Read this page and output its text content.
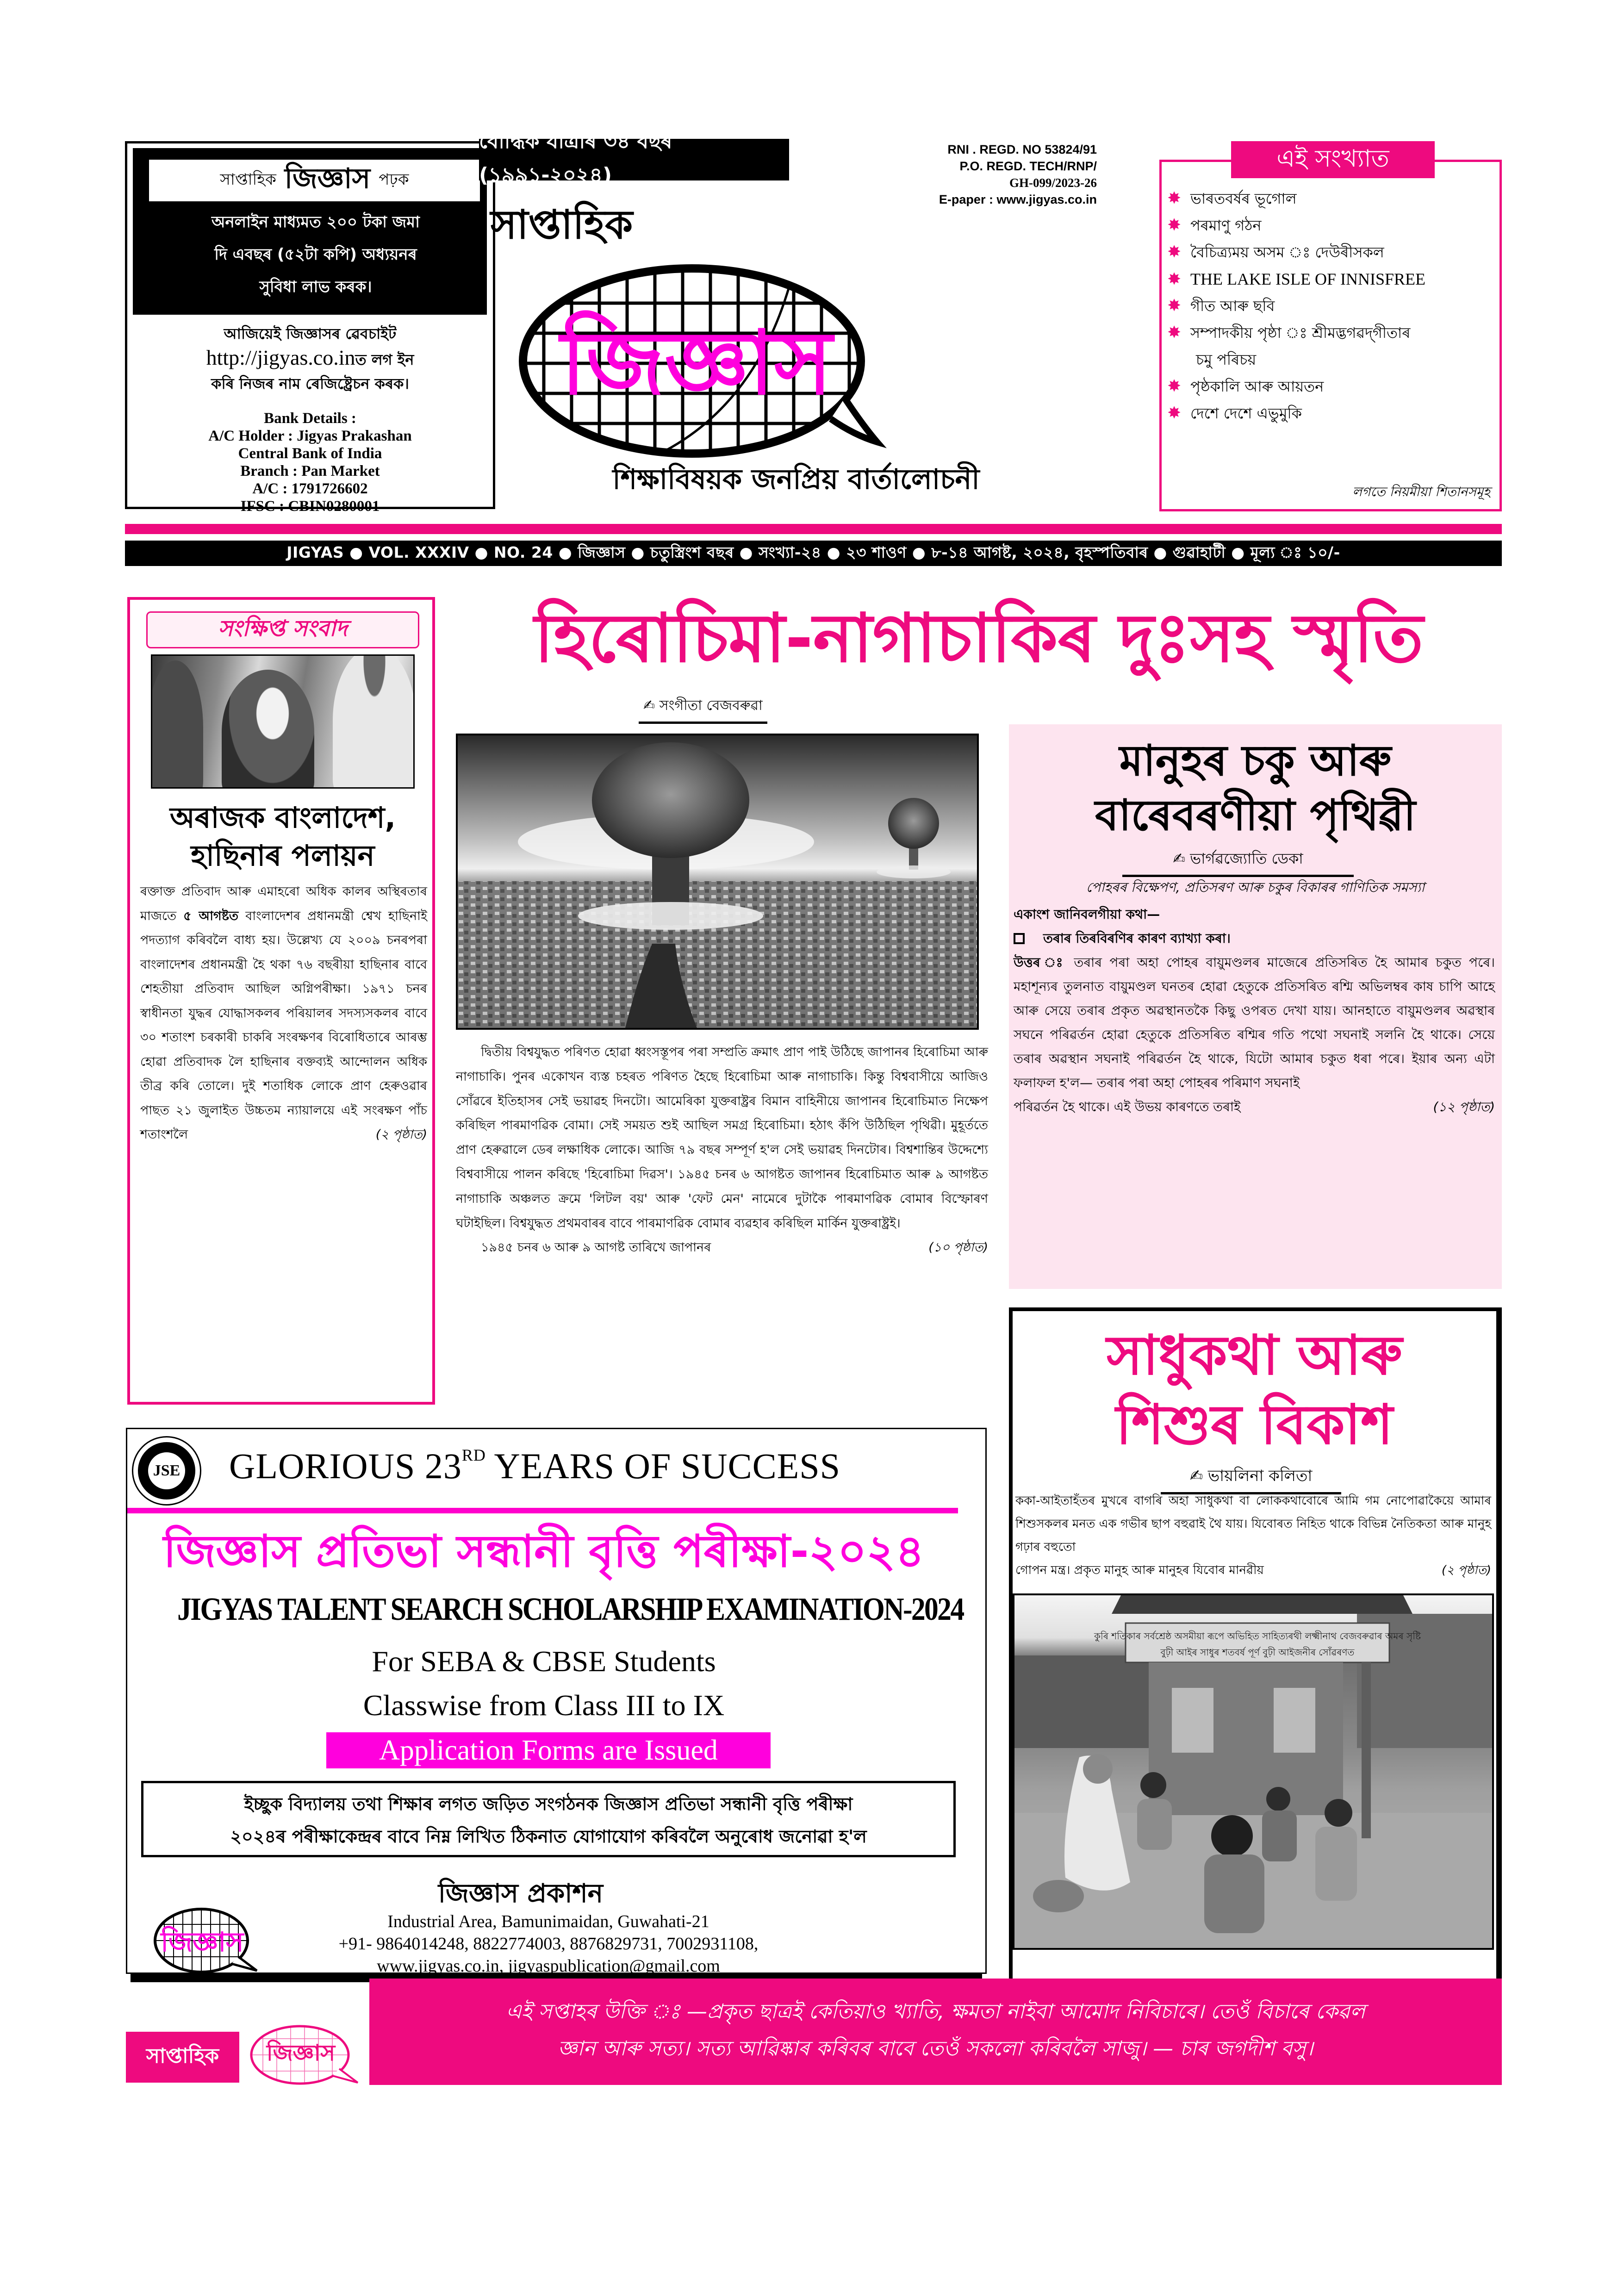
সাপ্তাহিক জিজ্ঞাস পঢ়ক
অনলাইন মাধ্যমত ২০০ টকা জমা
দি এবছৰ (৫২টা কপি) অধ্যয়নৰ
সুবিধা লাভ কৰক।
আজিয়েই জিজ্ঞাসৰ ৱেবচাইট
http://jigyas.co.inত লগ ইন
কৰি নিজৰ নাম ৰেজিষ্ট্ৰেচন কৰক।
Bank Details :
A/C Holder : Jigyas Prakashan
Central Bank of India
Branch : Pan Market
A/C : 1791726602
IFSC : CBIN0280001
বৌদ্ধিক যাত্ৰাৰ ৩৪ বছৰ (১৯৯১-২০২৪)
RNI . REGD. NO 53824/91
P.O. REGD. TECH/RNP/
GH-099/2023-26
E-paper : www.jigyas.co.in
সাপ্তাহিক
জিজ্ঞাস
শিক্ষাবিষয়ক জনপ্ৰিয় বাৰ্তালোচনী
✸ ভাৰতবৰ্ষৰ ভূগোল
✸ পৰমাণু গঠন
✸ বৈচিত্ৰ্যময় অসম ঃ দেউৰীসকল
✸ THE LAKE ISLE OF INNISFREE
✸ গীত আৰু ছবি
✸ সম্পাদকীয় পৃষ্ঠা ঃ শ্ৰীমদ্ভগৱদ্‌গীতাৰ
চমু পৰিচয়
✸ পৃষ্ঠকালি আৰু আয়তন
✸ দেশে দেশে এভুমুকি
লগতে নিয়মীয়া শিতানসমূহ
এই সংখ্যাত
JIGYAS ● VOL. XXXIV ● NO. 24 ● জিজ্ঞাস ● চতুস্ত্ৰিংশ বছৰ ● সংখ্যা-২৪ ● ২৩ শাওণ ● ৮-১৪ আগষ্ট, ২০২৪, বৃহস্পতিবাৰ ● গুৱাহাটী ● মূল্য ঃ ১০/-
সংক্ষিপ্ত সংবাদ
অৰাজক বাংলাদেশ,
হাছিনাৰ পলায়ন
ৰক্তাক্ত প্ৰতিবাদ আৰু এমাহৰো অধিক কালৰ অস্থিৰতাৰ মাজতে ৫ আগষ্টত বাংলাদেশৰ প্ৰধানমন্ত্ৰী শ্বেখ হাছিনাই পদত্যাগ কৰিবলৈ বাধ্য হয়। উল্লেখ্য যে ২০০৯ চনৰপৰা বাংলাদেশৰ প্ৰধানমন্ত্ৰী হৈ থকা ৭৬ বছৰীয়া হাছিনাৰ বাবে শেহতীয়া প্ৰতিবাদ আছিল অগ্নিপৰীক্ষা। ১৯৭১ চনৰ স্বাধীনতা যুদ্ধৰ যোদ্ধাসকলৰ পৰিয়ালৰ সদস্যসকলৰ বাবে ৩০ শতাংশ চৰকাৰী চাকৰি সংৰক্ষণৰ বিৰোধিতাৰে আৰম্ভ হোৱা প্ৰতিবাদক লৈ হাছিনাৰ বক্তব্যই আন্দোলন অধিক তীব্ৰ কৰি তোলে। দুই শতাধিক লোকে প্ৰাণ হেৰুওৱাৰ পাছত ২১ জুলাইত উচ্চতম ন্যায়ালয়ে এই সংৰক্ষণ পাঁচ শতাংশলৈ	(২ পৃষ্ঠাত)
হিৰোচিমা-নাগাচাকিৰ দুঃসহ স্মৃতি
✍ সংগীতা বেজবৰুৱা

দ্বিতীয় বিশ্বযুদ্ধত পৰিণত হোৱা ধ্বংসস্তূপৰ পৰা সম্প্ৰতি ক্ৰমাৎ প্ৰাণ পাই উঠিছে জাপানৰ হিৰোচিমা আৰু নাগাচাকি। পুনৰ একোখন ব্যস্ত চহৰত পৰিণত হৈছে হিৰোচিমা আৰু নাগাচাকি। কিন্তু বিশ্ববাসীয়ে আজিও সোঁৱৰে ইতিহাসৰ সেই ভয়াৱহ দিনটো। আমেৰিকা যুক্তৰাষ্ট্ৰৰ বিমান বাহিনীয়ে জাপানৰ হিৰোচিমাত নিক্ষেপ কৰিছিল পাৰমাণৱিক বোমা। সেই সময়ত শুই আছিল সমগ্ৰ হিৰোচিমা। হঠাৎ কঁপি উঠিছিল পৃথিৱী। মুহূৰ্ততে প্ৰাণ হেৰুৱালে ডেৰ লক্ষাধিক লোকে। আজি ৭৯ বছৰ সম্পূৰ্ণ হ'ল সেই ভয়াৱহ দিনটোৰ। বিশ্বশান্তিৰ উদ্দেশ্যে বিশ্ববাসীয়ে পালন কৰিছে 'হিৰোচিমা দিৱস'। ১৯৪৫ চনৰ ৬ আগষ্টত জাপানৰ হিৰোচিমাত আৰু ৯ আগষ্টত নাগাচাকি অঞ্চলত ক্ৰমে 'লিটল বয়' আৰু 'ফেট মেন' নামেৰে দুটাকৈ পাৰমাণৱিক বোমাৰ বিস্ফোৰণ ঘটাইছিল। বিশ্বযুদ্ধত প্ৰথমবাৰৰ বাবে পাৰমাণৱিক বোমাৰ ব্যৱহাৰ কৰিছিল মাৰ্কিন যুক্তৰাষ্ট্ৰই।

১৯৪৫ চনৰ ৬ আৰু ৯ আগষ্ট তাৰিখে জাপানৰ	(১০ পৃষ্ঠাত)
মানুহৰ চকু আৰু
বাৰেবৰণীয়া পৃথিৱী
✍ ভাৰ্গৱজ্যোতি ডেকা
পোহৰৰ বিক্ষেপণ, প্ৰতিসৰণ আৰু চকুৰ বিকাৰৰ গাণিতিক সমস্যা
একাংশ জানিবলগীয়া কথা—
তৰাৰ তিৰবিৰণিৰ কাৰণ ব্যাখ্যা কৰা।
উত্তৰ ঃ তৰাৰ পৰা অহা পোহৰ বায়ুমণ্ডলৰ মাজেৰে প্ৰতিসৰিত হৈ আমাৰ চকুত পৰে। মহাশূন্যৰ তুলনাত বায়ুমণ্ডল ঘনতৰ হোৱা হেতুকে প্ৰতিসৰিত ৰশ্মি অভিলম্বৰ কাষ চাপি আহে আৰু সেয়ে তৰাৰ প্ৰকৃত অৱস্থানতকৈ কিছু ওপৰত দেখা যায়। আনহাতে বায়ুমণ্ডলৰ অৱস্থাৰ সঘনে পৰিৱৰ্তন হোৱা হেতুকে প্ৰতিসৰিত ৰশ্মিৰ গতি পথো সঘনাই সলনি হৈ থাকে। সেয়ে তৰাৰ অৱস্থান সঘনাই পৰিৱৰ্তন হৈ থাকে, যিটো আমাৰ চকুত ধৰা পৰে। ইয়াৰ অন্য এটা ফলাফল হ'ল— তৰাৰ পৰা অহা পোহৰৰ পৰিমাণ সঘনাই
পৰিৱৰ্তন হৈ থাকে। এই উভয় কাৰণতে তৰাই	(১২ পৃষ্ঠাত)
সাধুকথা আৰু
শিশুৰ বিকাশ
✍ ভায়লিনা কলিতা
ককা-আইতাহঁতৰ মুখৰে বাগৰি অহা সাধুকথা বা লোককথাবোৰে আমি গম নোপোৱাকৈয়ে আমাৰ শিশুসকলৰ মনত এক গভীৰ ছাপ বহুৱাই থৈ যায়। যিবোৰত নিহিত থাকে বিভিন্ন নৈতিকতা আৰু মানুহ গঢ়াৰ বহুতো
গোপন মন্ত্ৰ। প্ৰকৃত মানুহ আৰু মানুহৰ যিবোৰ মানৱীয়	(২ পৃষ্ঠাত)
কুৰি শতিকাৰ সৰ্বশ্ৰেষ্ঠ অসমীয়া ৰূপে অভিহিত সাহিত্যৰথী লক্ষ্মীনাথ বেজবৰুৱাৰ অমৰ সৃষ্টি
বুঢ়ী আইৰ সাধুৰ শতবৰ্ষ পূৰ্ণ বুঢ়ী আইজনীৰ সোঁৱৰণত
JSE GLORIOUS 23RD YEARS OF SUCCESS
জিজ্ঞাস প্ৰতিভা সন্ধানী বৃত্তি পৰীক্ষা-২০২৪
JIGYAS TALENT SEARCH SCHOLARSHIP EXAMINATION-2024
For SEBA & CBSE Students
Classwise from Class III to IX
Application Forms are Issued
ইচ্ছুক বিদ্যালয় তথা শিক্ষাৰ লগত জড়িত সংগঠনক জিজ্ঞাস প্ৰতিভা সন্ধানী বৃত্তি পৰীক্ষা
২০২৪ৰ পৰীক্ষাকেন্দ্ৰৰ বাবে নিম্ন লিখিত ঠিকনাত যোগাযোগ কৰিবলৈ অনুৰোধ জনোৱা হ'ল
জিজ্ঞাস প্ৰকাশন
জিজ্ঞাস
Industrial Area, Bamunimaidan, Guwahati-21
+91- 9864014248, 8822774003, 8876829731, 7002931108,
www.jigyas.co.in, jigyaspublication@gmail.com
সাপ্তাহিক	জিজ্ঞাস
এই সপ্তাহৰ উক্তি ঃ —প্ৰকৃত ছাত্ৰই কেতিয়াও খ্যাতি, ক্ষমতা নাইবা আমোদ নিবিচাৰে। তেওঁ বিচাৰে কেৱল
জ্ঞান আৰু সত্য। সত্য আৱিষ্কাৰ কৰিবৰ বাবে তেওঁ সকলো কৰিবলৈ সাজু। — চাৰ জগদীশ বসু।
